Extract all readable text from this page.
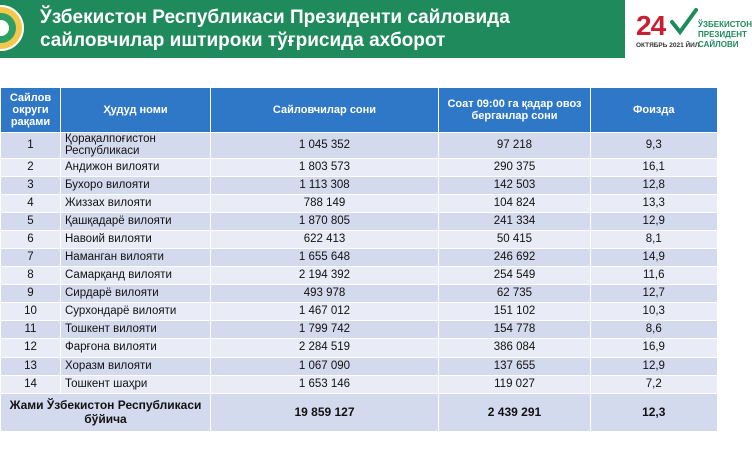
Ўзбекистон Республикаси Президенти сайловида
сайловчилар иштироки тўғрисида ахборот	24
ОКТЯБРЬ 2021 ЙИЛ
ЎЗБЕКИСТОН
ПРЕЗИДЕНТ
САЙЛОВИ
Сайлов округи рақами	Ҳудуд номи	Сайловчилар сони	Соат 09:00 га қадар овоз берганлар сони	Фоизда
1	Қорақалпоғистон Республикаси	1 045 352	97 218	9,3
2	Андижон вилояти	1 803 573	290 375	16,1
3	Бухоро вилояти	1 113 308	142 503	12,8
4	Жиззах вилояти	788 149	104 824	13,3
5	Қашқадарё вилояти	1 870 805	241 334	12,9
6	Навоий вилояти	622 413	50 415	8,1
7	Наманган вилояти	1 655 648	246 692	14,9
8	Самарқанд вилояти	2 194 392	254 549	11,6
9	Сирдарё вилояти	493 978	62 735	12,7
10	Сурхондарё вилояти	1 467 012	151 102	10,3
11	Тошкент вилояти	1 799 742	154 778	8,6
12	Фарғона вилояти	2 284 519	386 084	16,9
13	Хоразм вилояти	1 067 090	137 655	12,9
14	Тошкент шаҳри	1 653 146	119 027	7,2
Жами Ўзбекистон Республикаси бўйича		19 859 127	2 439 291	12,3
